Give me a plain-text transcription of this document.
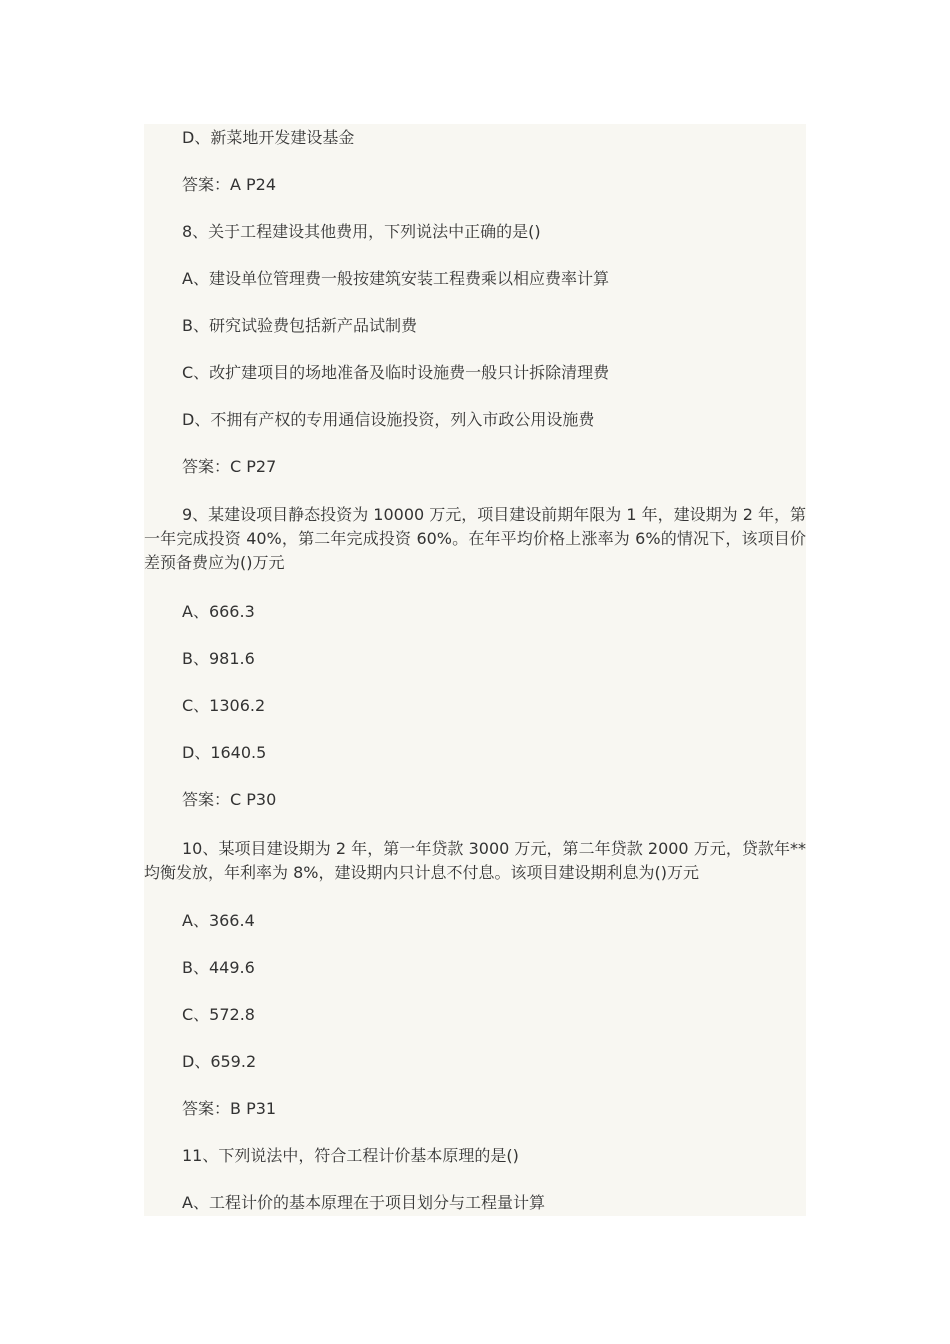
D、新菜地开发建设基金

答案：A P24

8、关于工程建设其他费用，下列说法中正确的是()

A、建设单位管理费一般按建筑安装工程费乘以相应费率计算

B、研究试验费包括新产品试制费

C、改扩建项目的场地准备及临时设施费一般只计拆除清理费

D、不拥有产权的专用通信设施投资，列入市政公用设施费

答案：C P27

9、某建设项目静态投资为 10000 万元，项目建设前期年限为 1 年，建设期为 2 年，第一年完成投资 40%，第二年完成投资 60%。在年平均价格上涨率为 6%的情况下，该项目价差预备费应为()万元

A、666.3

B、981.6

C、1306.2

D、1640.5

答案：C P30

10、某项目建设期为 2 年，第一年贷款 3000 万元，第二年贷款 2000 万元，贷款年**均衡发放，年利率为 8%，建设期内只计息不付息。该项目建设期利息为()万元

A、366.4

B、449.6

C、572.8

D、659.2

答案：B P31

11、下列说法中，符合工程计价基本原理的是()

A、工程计价的基本原理在于项目划分与工程量计算
